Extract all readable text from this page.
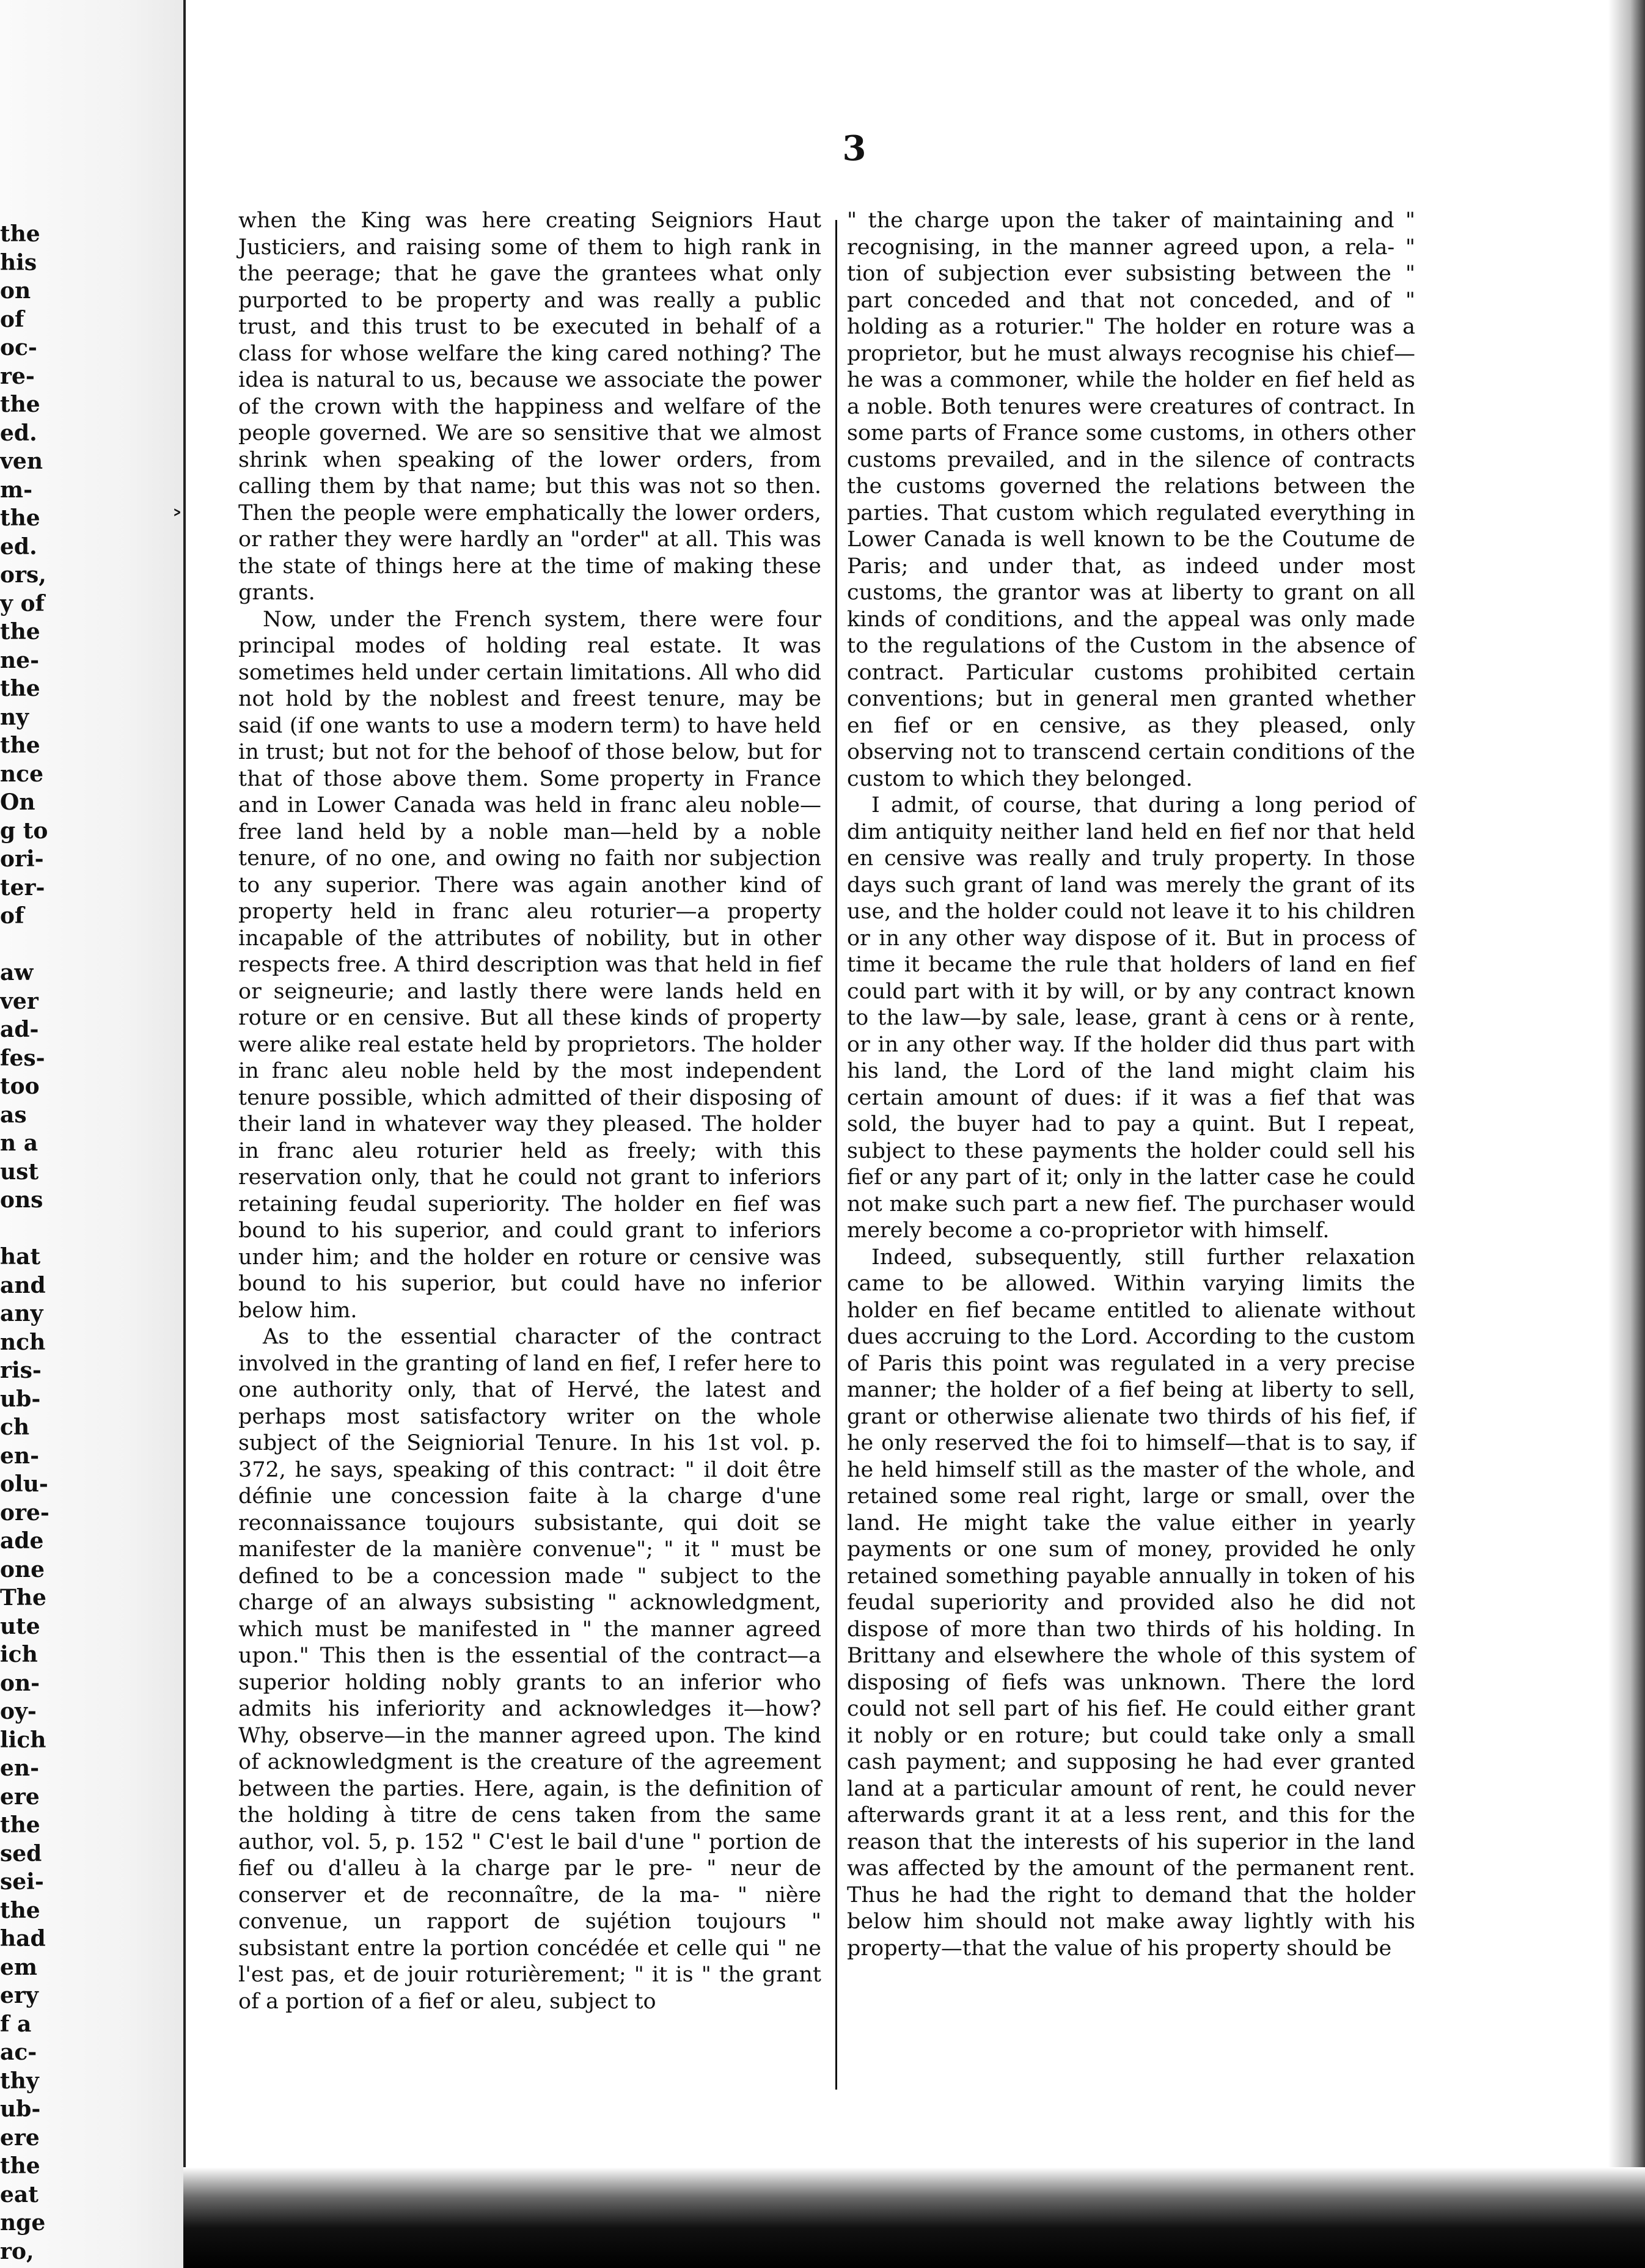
the
his
on
of
oc-
re-
the
ed.
ven
m-
the
ed.
ors,
y of
the
ne-
the
ny
the
nce
On
g to
ori-
ter-
of

aw
ver
ad-
fes-
too
as
n a
ust
ons

hat
and
any
nch
ris-
ub-
ch
en-
olu-
ore-
ade
one
The
ute
ich
on-
oy-
lich
en-
ere
the
sed
sei-
the
had
em
ery
f a
ac-
thy
ub-
ere
the
eat
nge
ro,
3
˃

when the King was here creating Seigniors Haut Justiciers, and raising some of them to high rank in the peerage; that he gave the grantees what only purported to be property and was really a public trust, and this trust to be executed in behalf of a class for whose welfare the king cared nothing? The idea is natural to us, because we associate the power of the crown with the happiness and welfare of the people governed. We are so sensitive that we almost shrink when speaking of the lower orders, from calling them by that name; but this was not so then. Then the people were emphatically the lower orders, or rather they were hardly an "order" at all. This was the state of things here at the time of making these grants.

Now, under the French system, there were four principal modes of holding real estate. It was sometimes held under certain limitations. All who did not hold by the noblest and freest tenure, may be said (if one wants to use a modern term) to have held in trust; but not for the behoof of those below, but for that of those above them. Some property in France and in Lower Canada was held in franc aleu noble—free land held by a noble man—held by a noble tenure, of no one, and owing no faith nor subjection to any superior. There was again another kind of property held in franc aleu roturier—a property incapable of the attributes of nobility, but in other respects free. A third description was that held in fief or seigneurie; and lastly there were lands held en roture or en censive. But all these kinds of property were alike real estate held by proprietors. The holder in franc aleu noble held by the most independent tenure possible, which admitted of their disposing of their land in whatever way they pleased. The holder in franc aleu roturier held as freely; with this reservation only, that he could not grant to inferiors retaining feudal superiority. The holder en fief was bound to his superior, and could grant to inferiors under him; and the holder en roture or censive was bound to his superior, but could have no inferior below him.

As to the essential character of the contract involved in the granting of land en fief, I refer here to one authority only, that of Hervé, the latest and perhaps most satisfactory writer on the whole subject of the Seigniorial Tenure. In his 1st vol. p. 372, he says, speaking of this contract: " il doit être définie une concession faite à la charge d'une reconnaissance toujours subsistante, qui doit se manifester de la manière convenue"; " it " must be defined to be a concession made " subject to the charge of an always subsisting " acknowledgment, which must be manifested in " the manner agreed upon." This then is the essential of the contract—a superior holding nobly grants to an inferior who admits his inferiority and acknowledges it—how? Why, observe—in the manner agreed upon. The kind of acknowledgment is the creature of the agreement between the parties. Here, again, is the definition of the holding à titre de cens taken from the same author, vol. 5, p. 152 " C'est le bail d'une " portion de fief ou d'alleu à la charge par le pre- " neur de conserver et de reconnaître, de la ma- " nière convenue, un rapport de sujétion toujours " subsistant entre la portion concédée et celle qui " ne l'est pas, et de jouir roturièrement; " it is " the grant of a portion of a fief or aleu, subject to

" the charge upon the taker of maintaining and " recognising, in the manner agreed upon, a rela- " tion of subjection ever subsisting between the " part conceded and that not conceded, and of " holding as a roturier." The holder en roture was a proprietor, but he must always recognise his chief—he was a commoner, while the holder en fief held as a noble. Both tenures were creatures of contract. In some parts of France some customs, in others other customs prevailed, and in the silence of contracts the customs governed the relations between the parties. That custom which regulated everything in Lower Canada is well known to be the Coutume de Paris; and under that, as indeed under most customs, the grantor was at liberty to grant on all kinds of conditions, and the appeal was only made to the regulations of the Custom in the absence of contract. Particular customs prohibited certain conventions; but in general men granted whether en fief or en censive, as they pleased, only observing not to transcend certain conditions of the custom to which they belonged.

I admit, of course, that during a long period of dim antiquity neither land held en fief nor that held en censive was really and truly property. In those days such grant of land was merely the grant of its use, and the holder could not leave it to his children or in any other way dispose of it. But in process of time it became the rule that holders of land en fief could part with it by will, or by any contract known to the law—by sale, lease, grant à cens or à rente, or in any other way. If the holder did thus part with his land, the Lord of the land might claim his certain amount of dues: if it was a fief that was sold, the buyer had to pay a quint. But I repeat, subject to these payments the holder could sell his fief or any part of it; only in the latter case he could not make such part a new fief. The purchaser would merely become a co-proprietor with himself.

Indeed, subsequently, still further relaxation came to be allowed. Within varying limits the holder en fief became entitled to alienate without dues accruing to the Lord. According to the custom of Paris this point was regulated in a very precise manner; the holder of a fief being at liberty to sell, grant or otherwise alienate two thirds of his fief, if he only reserved the foi to himself—that is to say, if he held himself still as the master of the whole, and retained some real right, large or small, over the land. He might take the value either in yearly payments or one sum of money, provided he only retained something payable annually in token of his feudal superiority and provided also he did not dispose of more than two thirds of his holding. In Brittany and elsewhere the whole of this system of disposing of fiefs was unknown. There the lord could not sell part of his fief. He could either grant it nobly or en roture; but could take only a small cash payment; and supposing he had ever granted land at a particular amount of rent, he could never afterwards grant it at a less rent, and this for the reason that the interests of his superior in the land was affected by the amount of the permanent rent. Thus he had the right to demand that the holder below him should not make away lightly with his property—that the value of his property should be
